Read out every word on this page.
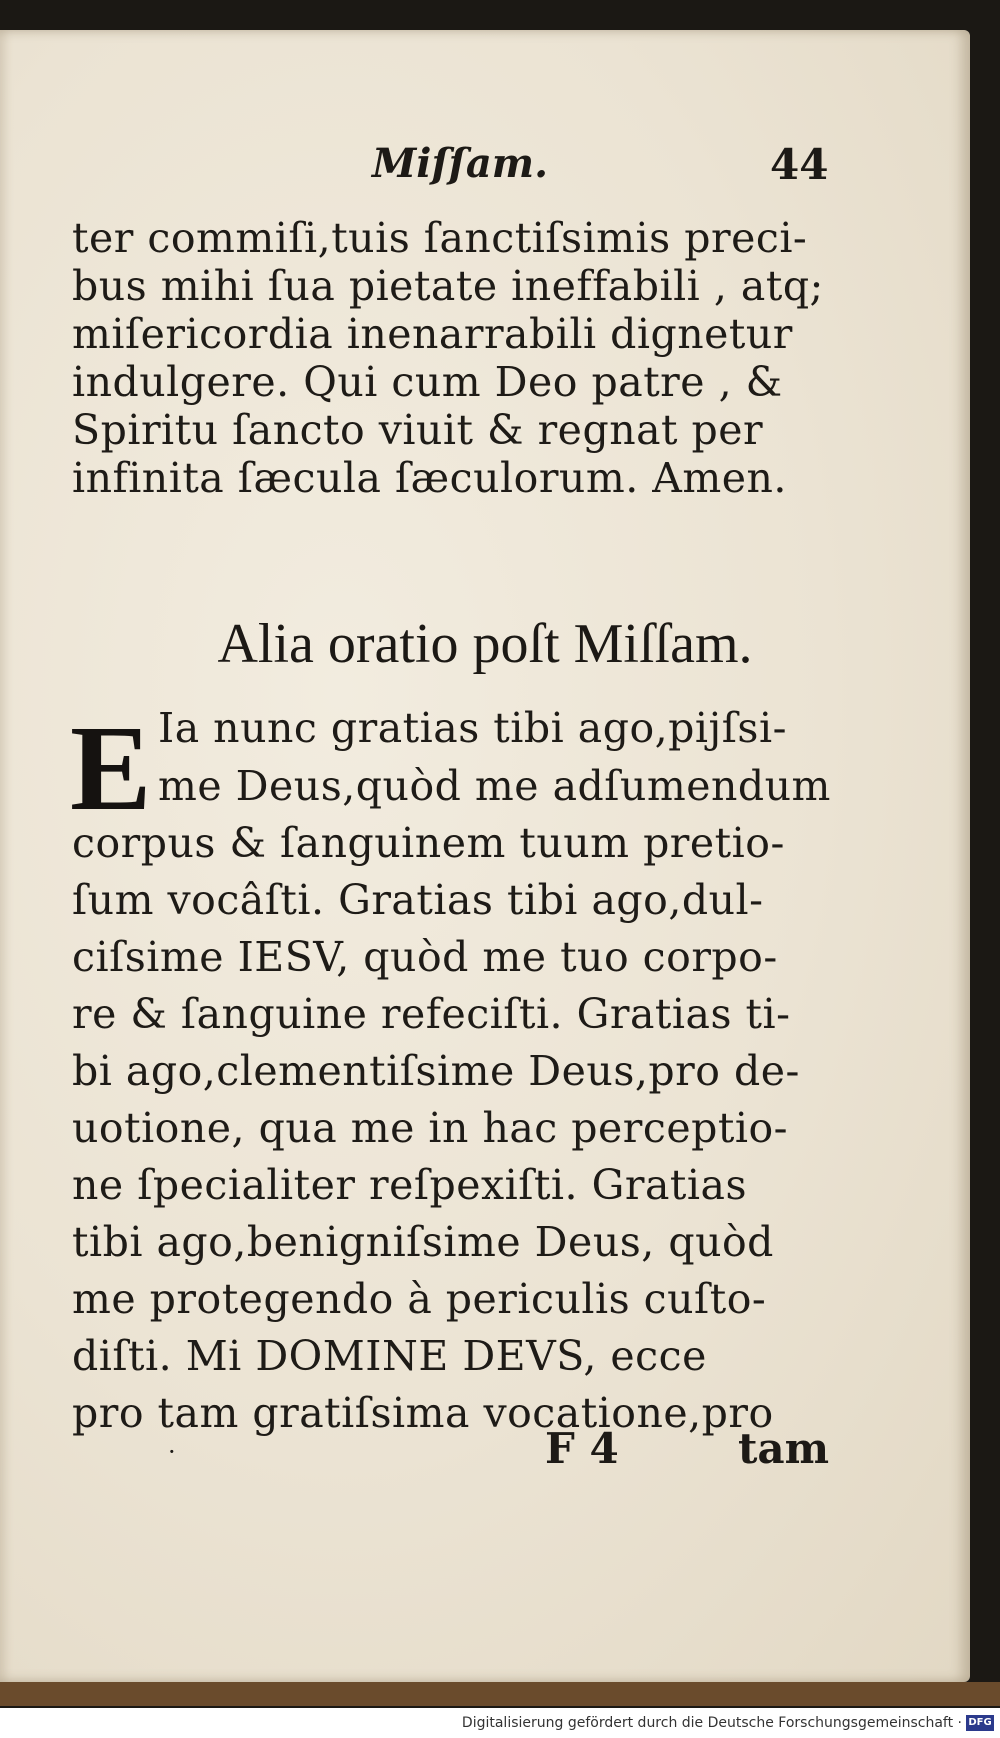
Miſſam.	44
ter commiſi,tuis ſanctiſsimis preci-
bus mihi ſua pietate ineffabili , atq;
miſericordia inenarrabili dignetur
indulgere. Qui cum Deo patre , &
Spiritu ſancto viuit & regnat per
infinita ſæcula ſæculorum. Amen.
Alia oratio poſt Miſſam.
E Ia nunc gratias tibi ago,pijſsi-
me Deus,quòd me adſumendum
corpus & ſanguinem tuum pretio-
ſum vocâſti. Gratias tibi ago,dul-
ciſsime IESV, quòd me tuo corpo-
re & ſanguine refeciſti. Gratias ti-
bi ago,clementiſsime Deus,pro de-
uotione, qua me in hac perceptio-
ne ſpecialiter reſpexiſti. Gratias
tibi ago,benigniſsime Deus, quòd
me protegendo à periculis cuſto-
diſti. Mi DOMINE DEVS, ecce
pro tam gratiſsima vocatione,pro
·	F 4	tam
Digitalisierung gefördert durch die Deutsche Forschungsgemeinschaft · DFG
